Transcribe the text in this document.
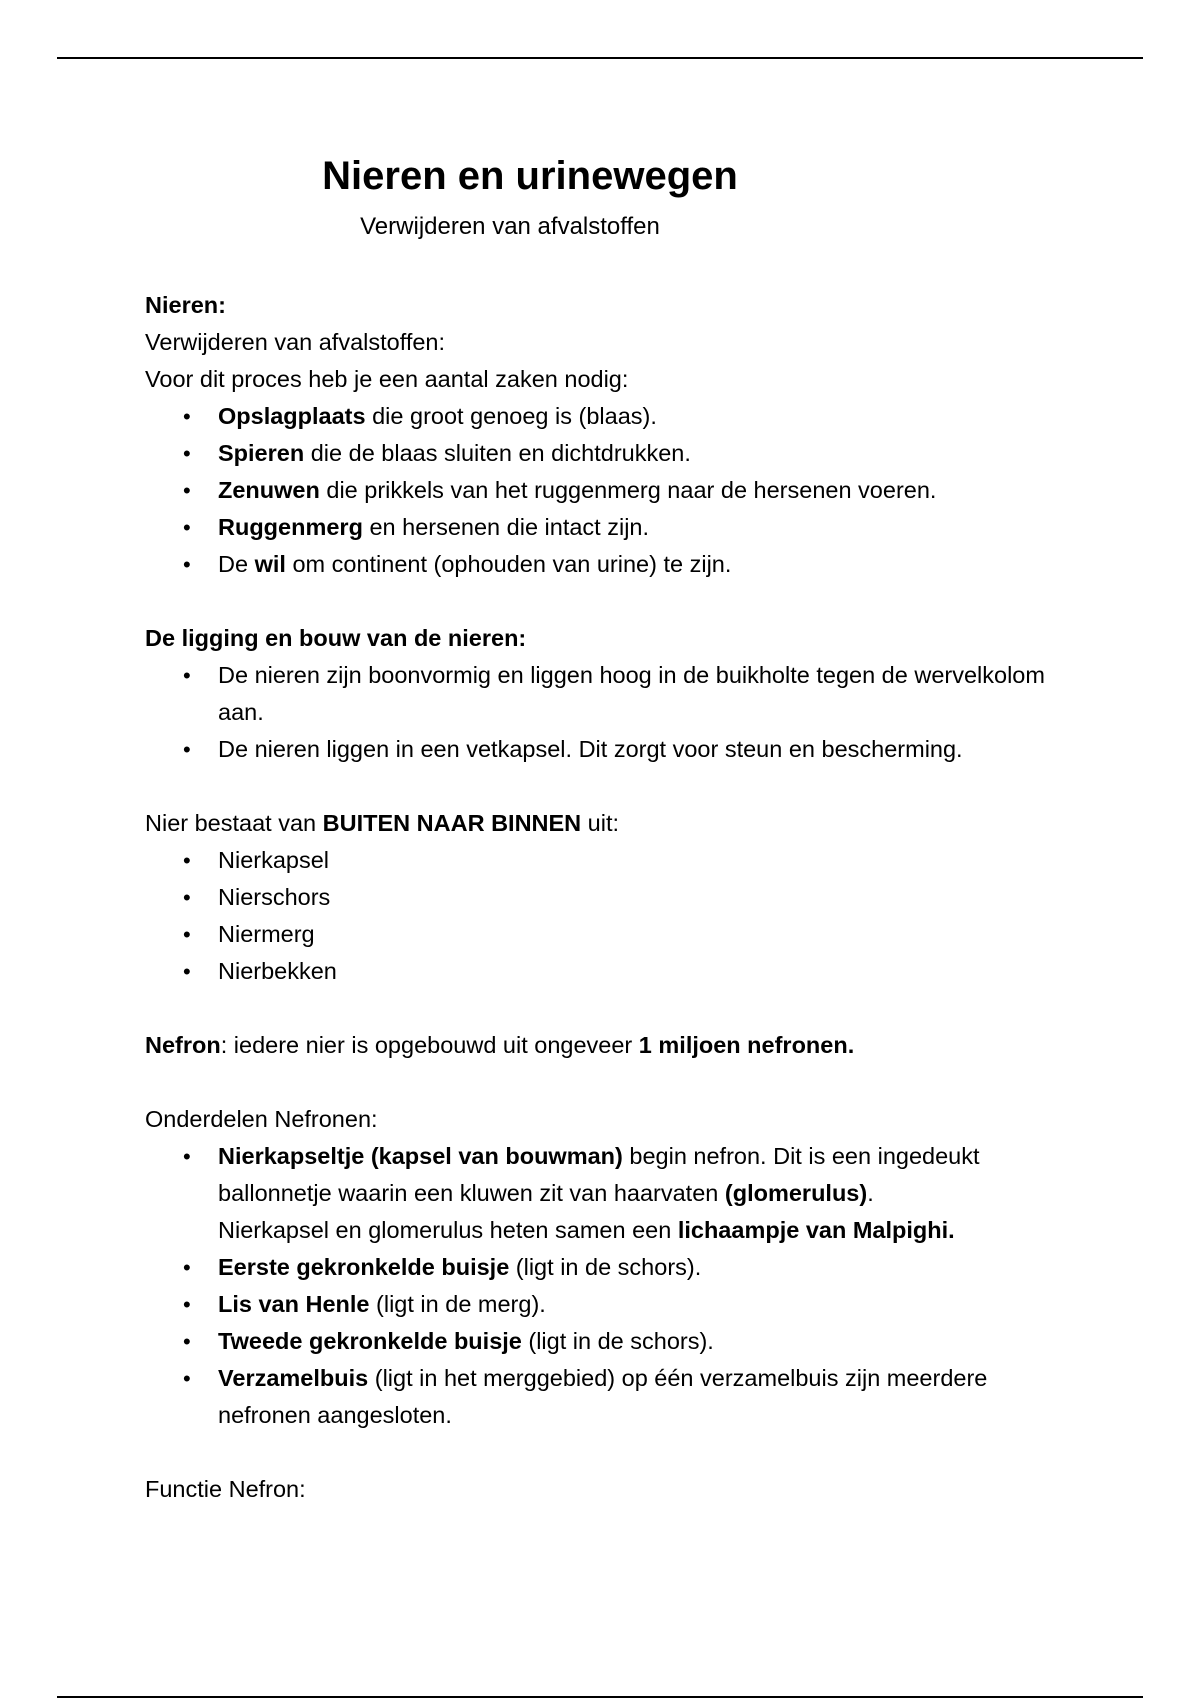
Nieren en urinewegen

Verwijderen van afvalstoffen

Nieren:

Verwijderen van afvalstoffen:

Voor dit proces heb je een aantal zaken nodig:

• Opslagplaats die groot genoeg is (blaas).
• Spieren die de blaas sluiten en dichtdrukken.
• Zenuwen die prikkels van het ruggenmerg naar de hersenen voeren.
• Ruggenmerg en hersenen die intact zijn.
• De wil om continent (ophouden van urine) te zijn.

De ligging en bouw van de nieren:

• De nieren zijn boonvormig en liggen hoog in de buikholte tegen de wervelkolom aan.
• De nieren liggen in een vetkapsel. Dit zorgt voor steun en bescherming.

Nier bestaat van BUITEN NAAR BINNEN uit:

• Nierkapsel
• Nierschors
• Niermerg
• Nierbekken

Nefron: iedere nier is opgebouwd uit ongeveer 1 miljoen nefronen.

Onderdelen Nefronen:

• Nierkapseltje (kapsel van bouwman) begin nefron. Dit is een ingedeukt ballonnetje waarin een kluwen zit van haarvaten (glomerulus).
Nierkapsel en glomerulus heten samen een lichaampje van Malpighi.
• Eerste gekronkelde buisje (ligt in de schors).
• Lis van Henle (ligt in de merg).
• Tweede gekronkelde buisje (ligt in de schors).
• Verzamelbuis (ligt in het merggebied) op één verzamelbuis zijn meerdere nefronen aangesloten.

Functie Nefron:
